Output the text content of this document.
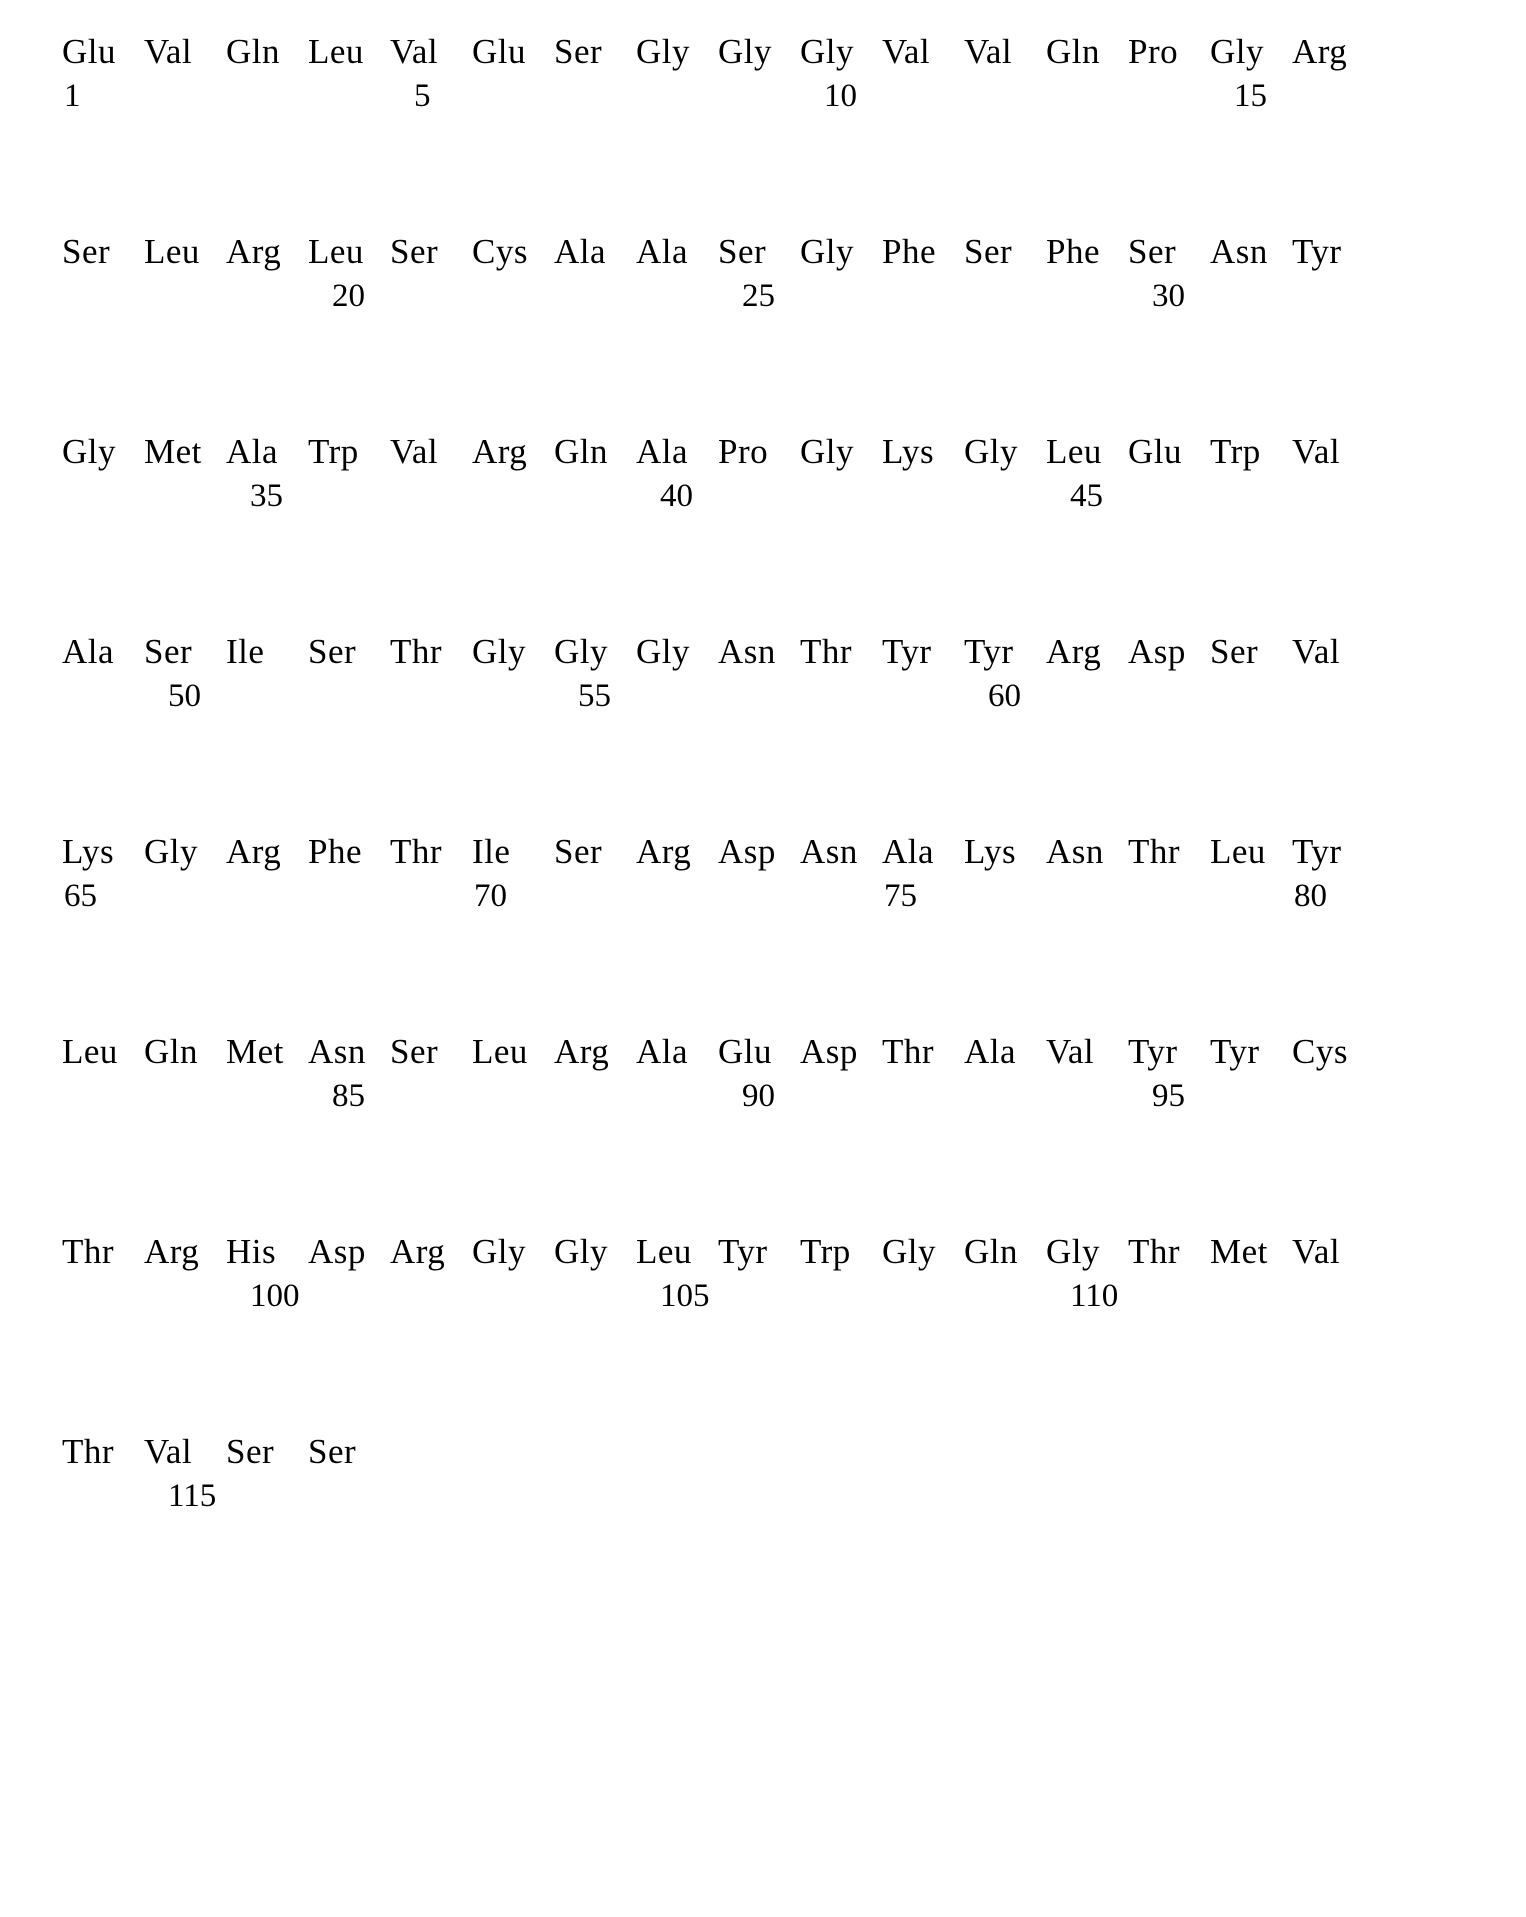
Glu Val Gln Leu Val Glu Ser Gly Gly Gly Val Val Gln Pro Gly Arg
1	5	10	15
Ser Leu Arg Leu Ser Cys Ala Ala Ser Gly Phe Ser Phe Ser Asn Tyr
20	25	30
Gly Met Ala Trp Val Arg Gln Ala Pro Gly Lys Gly Leu Glu Trp Val
35	40	45
Ala Ser Ile	Ser Thr Gly Gly Gly Asn Thr Tyr Tyr Arg Asp Ser Val
50	55	60
Lys Gly Arg Phe Thr Ile	Ser Arg Asp Asn Ala Lys Asn Thr Leu Tyr
65	70	75	80
Leu Gln Met Asn Ser Leu Arg Ala Glu Asp Thr Ala Val Tyr Tyr Cys
85	90	95
Thr Arg His Asp Arg Gly Gly Leu Tyr Trp Gly Gln Gly Thr Met Val
100	105	110
Thr Val Ser Ser
115
